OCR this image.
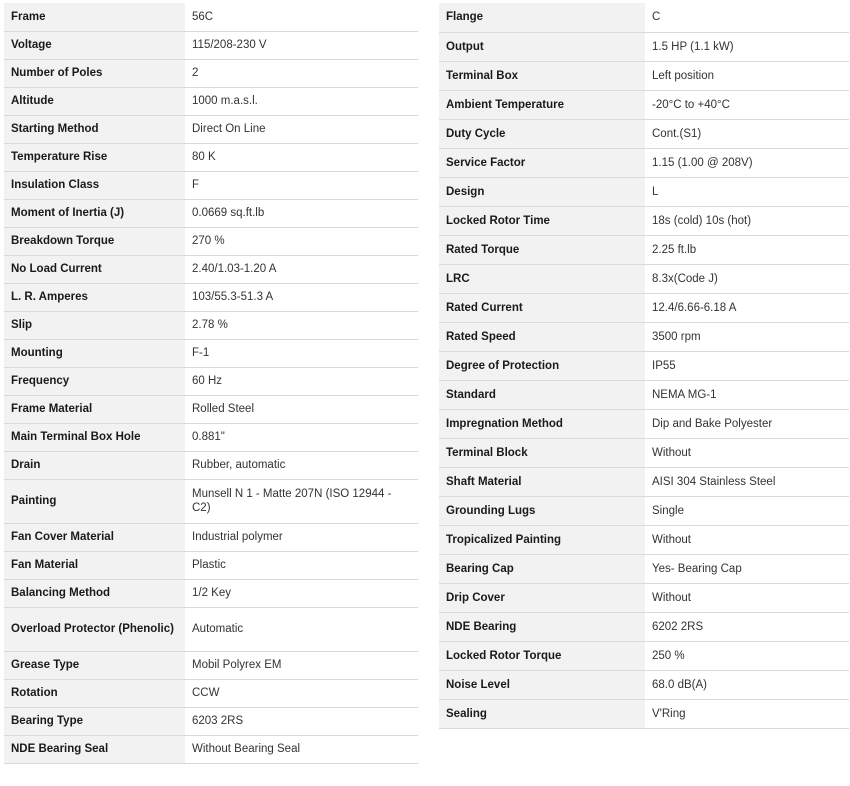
Frame	56C
Voltage	115/208-230 V
Number of Poles	2
Altitude	1000 m.a.s.l.
Starting Method	Direct On Line
Temperature Rise	80 K
Insulation Class	F
Moment of Inertia (J)	0.0669 sq.ft.lb
Breakdown Torque	270 %
No Load Current	2.40/1.03-1.20 A
L. R. Amperes	103/55.3-51.3 A
Slip	2.78 %
Mounting	F-1
Frequency	60 Hz
Frame Material	Rolled Steel
Main Terminal Box Hole	0.881"
Drain	Rubber, automatic
Painting	Munsell N 1 - Matte 207N (ISO 12944 - C2)
Fan Cover Material	Industrial polymer
Fan Material	Plastic
Balancing Method	1/2 Key
Overload Protector (Phenolic)	Automatic
Grease Type	Mobil Polyrex EM
Rotation	CCW
Bearing Type	6203 2RS
NDE Bearing Seal	Without Bearing Seal
Flange	C
Output	1.5 HP (1.1 kW)
Terminal Box	Left position
Ambient Temperature	-20°C to +40°C
Duty Cycle	Cont.(S1)
Service Factor	1.15 (1.00 @ 208V)
Design	L
Locked Rotor Time	18s (cold) 10s (hot)
Rated Torque	2.25 ft.lb
LRC	8.3x(Code J)
Rated Current	12.4/6.66-6.18 A
Rated Speed	3500 rpm
Degree of Protection	IP55
Standard	NEMA MG-1
Impregnation Method	Dip and Bake Polyester
Terminal Block	Without
Shaft Material	AISI 304 Stainless Steel
Grounding Lugs	Single
Tropicalized Painting	Without
Bearing Cap	Yes- Bearing Cap
Drip Cover	Without
NDE Bearing	6202 2RS
Locked Rotor Torque	250 %
Noise Level	68.0 dB(A)
Sealing	V'Ring
